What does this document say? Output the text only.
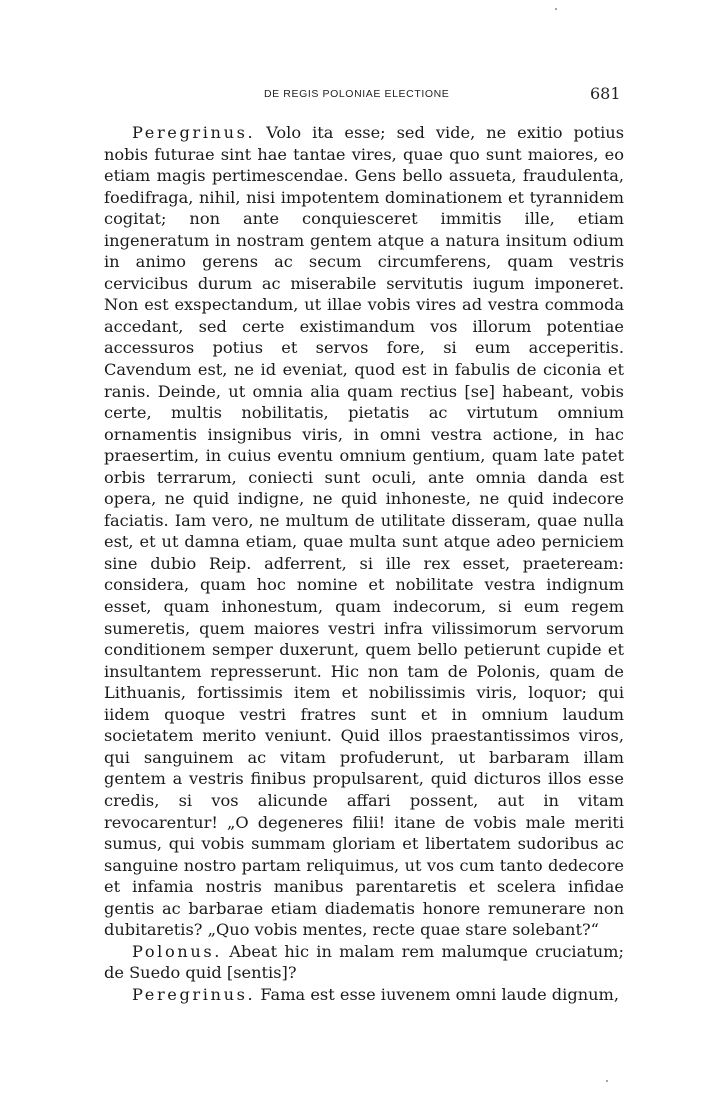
DE REGIS POLONIAE ELECTIONE	681

Peregrinus. Volo ita esse; sed vide, ne exitio potius nobis futurae sint hae tantae vires, quae quo sunt maiores, eo etiam magis pertimescendae. Gens bello assueta, fraudulenta, foedifraga, nihil, nisi impotentem dominationem et tyrannidem cogitat; non ante conquiesceret immitis ille, etiam ingeneratum in nostram gentem atque a natura insitum odium in animo gerens ac secum circumferens, quam vestris cervicibus durum ac miserabile servitutis iugum imponeret. Non est exspectandum, ut illae vobis vires ad vestra commoda accedant, sed certe existimandum vos illorum potentiae accessuros potius et servos fore, si eum acceperitis. Cavendum est, ne id eveniat, quod est in fabulis de ciconia et ranis. Deinde, ut omnia alia quam rectius [se] habeant, vobis certe, multis nobilitatis, pietatis ac virtutum omnium ornamentis insignibus viris, in omni vestra actione, in hac praesertim, in cuius eventu omnium gentium, quam late patet orbis terrarum, coniecti sunt oculi, ante omnia danda est opera, ne quid indigne, ne quid inhoneste, ne quid indecore faciatis. Iam vero, ne multum de utilitate disseram, quae nulla est, et ut damna etiam, quae multa sunt atque adeo perniciem sine dubio Reip. adferrent, si ille rex esset, praeteream: considera, quam hoc nomine et nobilitate vestra indignum esset, quam inhonestum, quam indecorum, si eum regem sumeretis, quem maiores vestri infra vilissimorum servorum conditionem semper duxerunt, quem bello petierunt cupide et insultantem represserunt. Hic non tam de Polonis, quam de Lithuanis, fortissimis item et nobilissimis viris, loquor; qui iidem quoque vestri fratres sunt et in omnium laudum societatem merito veniunt. Quid illos praestantissimos viros, qui sanguinem ac vitam profuderunt, ut barbaram illam gentem a vestris finibus propulsarent, quid dicturos illos esse credis, si vos alicunde affari possent, aut in vitam revocarentur! „O degeneres filii! itane de vobis male meriti sumus, qui vobis summam gloriam et libertatem sudoribus ac sanguine nostro partam reliquimus, ut vos cum tanto dedecore et infamia nostris manibus parentaretis et scelera infidae gentis ac barbarae etiam diadematis honore remunerare non dubitaretis? „Quo vobis mentes, recte quae stare solebant?“

Polonus. Abeat hic in malam rem malumque cruciatum; de Suedo quid [sentis]?

Peregrinus. Fama est esse iuvenem omni laude dignum,
